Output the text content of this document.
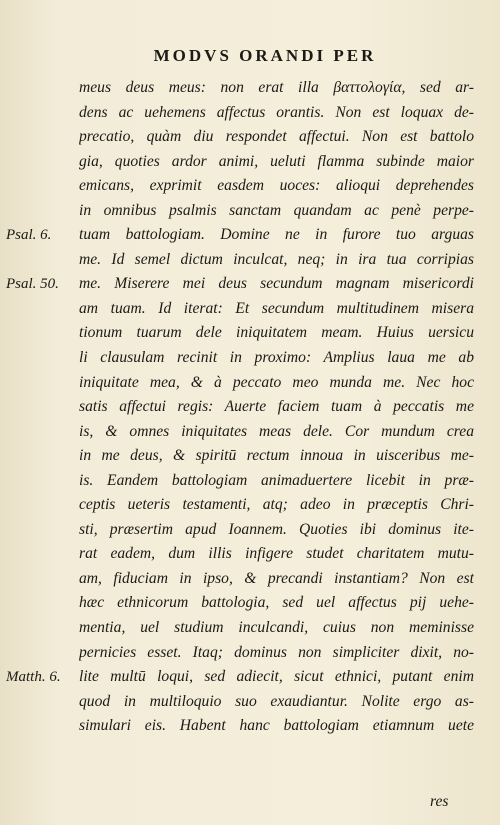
MODVS ORANDI PER
meus deus meus: non erat illa βαττολογία, sed ar-
dens ac uehemens affectus orantis. Non est loquax de-
precatio, quàm diu respondet affectui. Non est battolo
gia, quoties ardor animi, ueluti flamma subinde maior
emicans, exprimit easdem uoces: alioqui deprehendes
in omnibus psalmis sanctam quandam ac penè perpe-
tuam battologiam. Domine ne in furore tuo arguas
me. Id semel dictum inculcat, neq; in ira tua corripias
me. Miserere mei deus secundum magnam misericordi
am tuam. Id iterat: Et secundum multitudinem misera
tionum tuarum dele iniquitatem meam. Huius uersicu
li clausulam recinit in proximo: Amplius laua me ab
iniquitate mea, & à peccato meo munda me. Nec hoc
satis affectui regis: Auerte faciem tuam à peccatis me
is, & omnes iniquitates meas dele. Cor mundum crea
in me deus, & spiritū rectum innoua in uisceribus me-
is. Eandem battologiam animaduertere licebit in præ-
ceptis ueteris testamenti, atq; adeo in præceptis Chri-
sti, præsertim apud Ioannem. Quoties ibi dominus ite-
rat eadem, dum illis infigere studet charitatem mutu-
am, fiduciam in ipso, & precandi instantiam? Non est
hæc ethnicorum battologia, sed uel affectus pij uehe-
mentia, uel studium inculcandi, cuius non meminisse
pernicies esset. Itaq; dominus non simpliciter dixit, no-
lite multū loqui, sed adiecit, sicut ethnici, putant enim
quod in multiloquio suo exaudiantur. Nolite ergo as-
simulari eis. Habent hanc battologiam etiamnum uete
Psal. 6.
Psal. 50.
Matth. 6.
res
